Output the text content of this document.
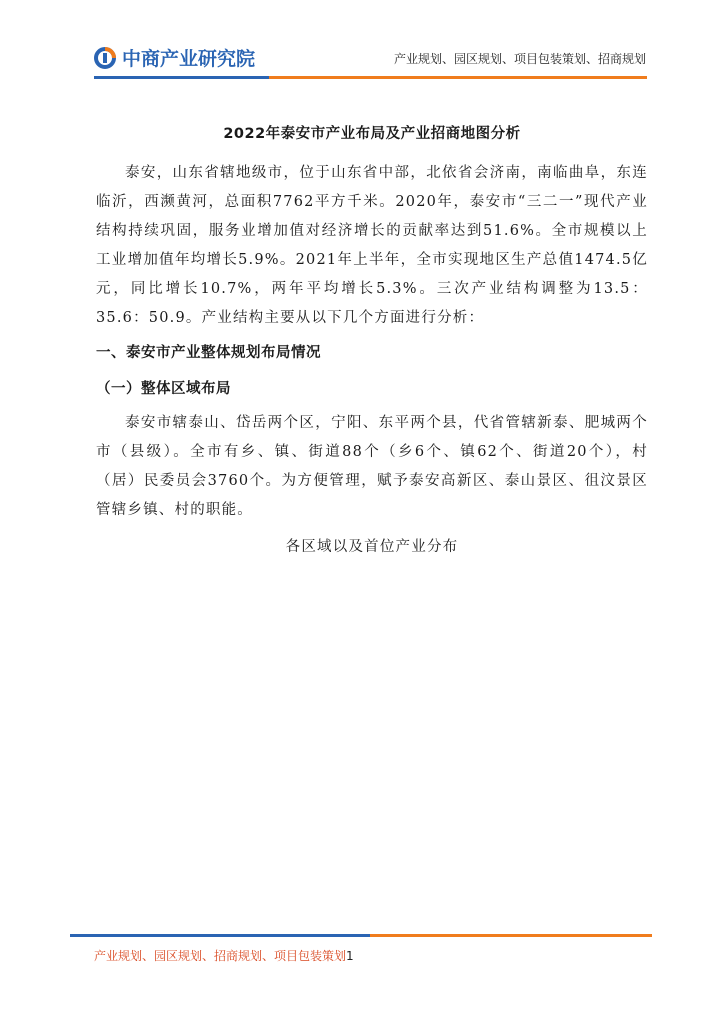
中商产业研究院	产业规划、园区规划、项目包装策划、招商规划
2022年泰安市产业布局及产业招商地图分析

泰安，山东省辖地级市，位于山东省中部，北依省会济南，南临曲阜，东连临沂，西濒黄河，总面积7762平方千米。2020年，泰安市“三二一”现代产业结构持续巩固，服务业增加值对经济增长的贡献率达到51.6%。全市规模以上工业增加值年均增长5.9%。2021年上半年，全市实现地区生产总值1474.5亿元，同比增长10.7%，两年平均增长5.3%。三次产业结构调整为13.5：35.6：50.9。产业结构主要从以下几个方面进行分析：

一、泰安市产业整体规划布局情况
（一）整体区域布局

泰安市辖泰山、岱岳两个区，宁阳、东平两个县，代省管辖新泰、肥城两个市（县级）。全市有乡、镇、街道88个（乡6个、镇62个、街道20个），村（居）民委员会3760个。为方便管理，赋予泰安高新区、泰山景区、徂汶景区管辖乡镇、村的职能。

各区域以及首位产业分布
产业规划、园区规划、招商规划、项目包装策划1
